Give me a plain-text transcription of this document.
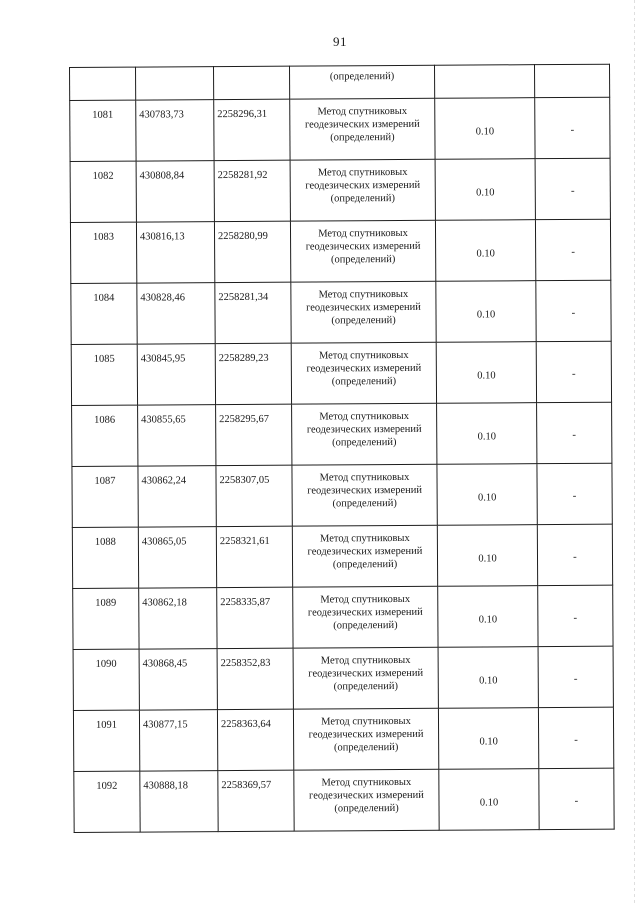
91

			(определений)		

1081	430783,73	2258296,31	Метод спутниковых
геодезических измерений
(определений)	0.10	-

1082	430808,84	2258281,92	Метод спутниковых
геодезических измерений
(определений)	0.10	-

1083	430816,13	2258280,99	Метод спутниковых
геодезических измерений
(определений)	0.10	-

1084	430828,46	2258281,34	Метод спутниковых
геодезических измерений
(определений)	0.10	-

1085	430845,95	2258289,23	Метод спутниковых
геодезических измерений
(определений)	0.10	-

1086	430855,65	2258295,67	Метод спутниковых
геодезических измерений
(определений)	0.10	-

1087	430862,24	2258307,05	Метод спутниковых
геодезических измерений
(определений)	0.10	-

1088	430865,05	2258321,61	Метод спутниковых
геодезических измерений
(определений)	0.10	-

1089	430862,18	2258335,87	Метод спутниковых
геодезических измерений
(определений)	0.10	-

1090	430868,45	2258352,83	Метод спутниковых
геодезических измерений
(определений)	0.10	-

1091	430877,15	2258363,64	Метод спутниковых
геодезических измерений
(определений)	0.10	-

1092	430888,18	2258369,57	Метод спутниковых
геодезических измерений
(определений)	0.10	-
